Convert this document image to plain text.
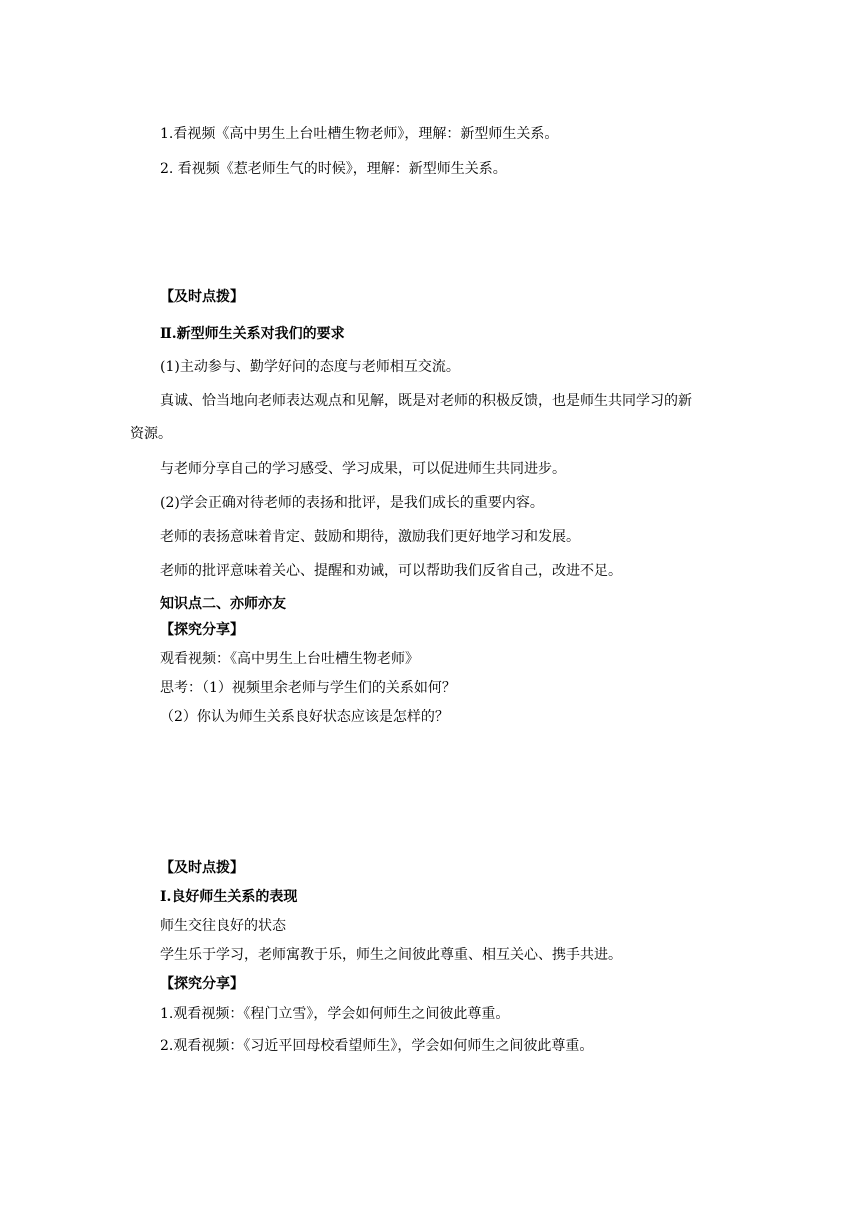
1.看视频《高中男生上台吐槽生物老师》，理解：新型师生关系。

2. 看视频《惹老师生气的时候》，理解：新型师生关系。

【及时点拨】

Ⅱ.新型师生关系对我们的要求

(1)主动参与、勤学好问的态度与老师相互交流。

真诚、恰当地向老师表达观点和见解，既是对老师的积极反馈，也是师生共同学习的新

资源。

与老师分享自己的学习感受、学习成果，可以促进师生共同进步。

(2)学会正确对待老师的表扬和批评，是我们成长的重要内容。

老师的表扬意味着肯定、鼓励和期待，激励我们更好地学习和发展。

老师的批评意味着关心、提醒和劝诫，可以帮助我们反省自己，改进不足。

知识点二、亦师亦友

【探究分享】

观看视频：《高中男生上台吐槽生物老师》

思考：（1）视频里余老师与学生们的关系如何？

（2）你认为师生关系良好状态应该是怎样的？

【及时点拨】

Ⅰ.良好师生关系的表现

师生交往良好的状态

学生乐于学习，老师寓教于乐，师生之间彼此尊重、相互关心、携手共进。

【探究分享】

1.观看视频：《程门立雪》，学会如何师生之间彼此尊重。

2.观看视频：《习近平回母校看望师生》，学会如何师生之间彼此尊重。
